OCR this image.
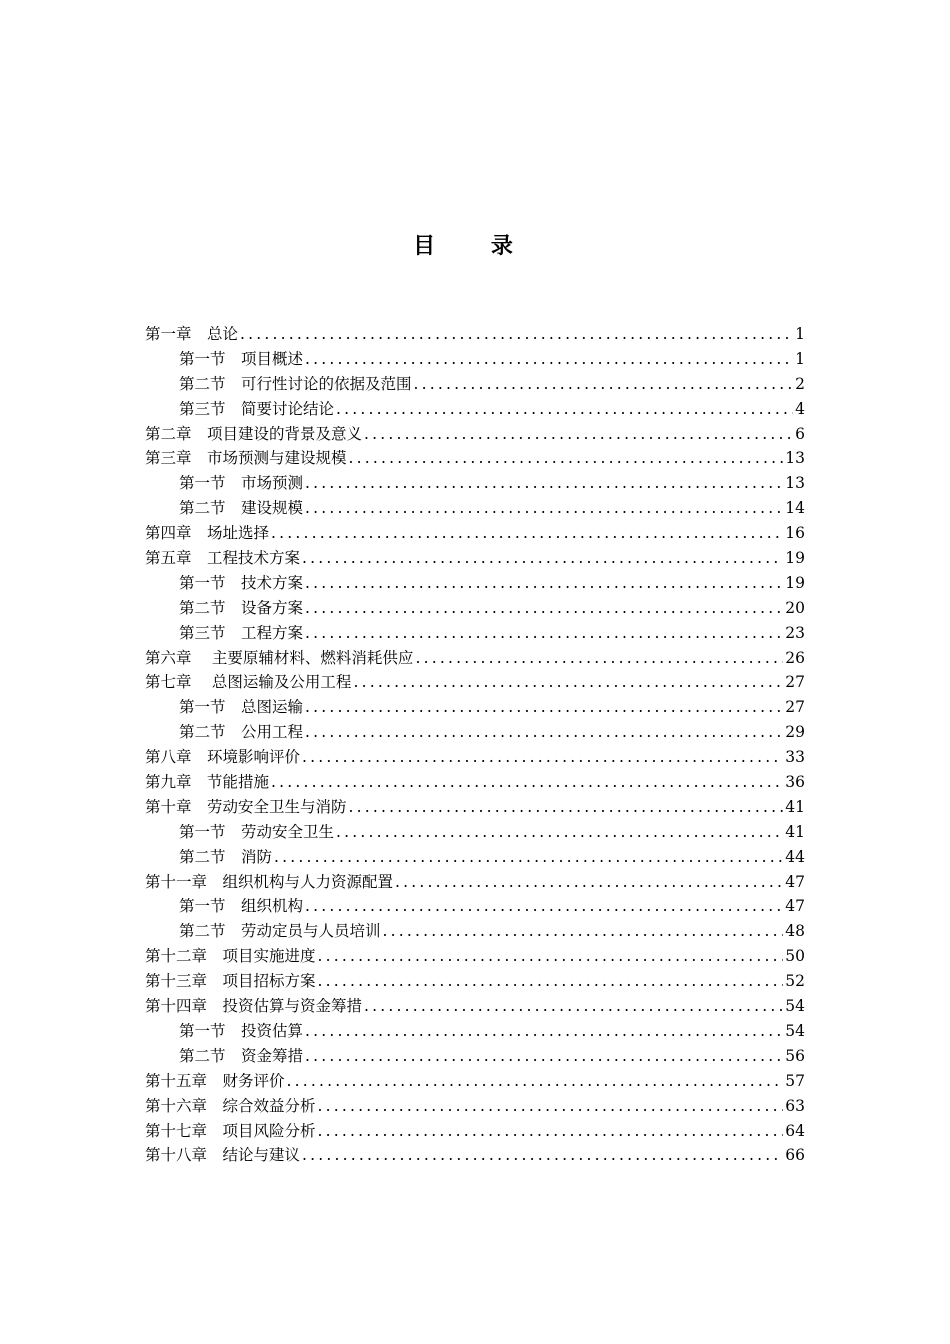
目 录
第一章　总论 .....	1
第一节　项目概述 .....	1
第二节　可行性讨论的依据及范围 .....	2
第三节　简要讨论结论 .....	4
第二章　项目建设的背景及意义 .....	6
第三章　市场预测与建设规模 .....	13
第一节　市场预测 .....	13
第二节　建设规模 .....	14
第四章　场址选择 .....	16
第五章　工程技术方案 .....	19
第一节　技术方案 .....	19
第二节　设备方案 .....	20
第三节　工程方案 .....	23
第六章　 主要原辅材料、燃料消耗供应 .....	26
第七章　 总图运输及公用工程 .....	27
第一节　总图运输 .....	27
第二节　公用工程 .....	29
第八章　环境影响评价 .....	33
第九章　节能措施 .....	36
第十章　劳动安全卫生与消防 .....	41
第一节　劳动安全卫生 .....	41
第二节　消防 .....	44
第十一章　组织机构与人力资源配置 .....	47
第一节　组织机构 .....	47
第二节　劳动定员与人员培训 .....	48
第十二章　项目实施进度 .....	50
第十三章　项目招标方案 .....	52
第十四章　投资估算与资金筹措 .....	54
第一节　投资估算 .....	54
第二节　资金筹措 .....	56
第十五章　财务评价 .....	57
第十六章　综合效益分析 .....	63
第十七章　项目风险分析 .....	64
第十八章　结论与建议 .....	66
